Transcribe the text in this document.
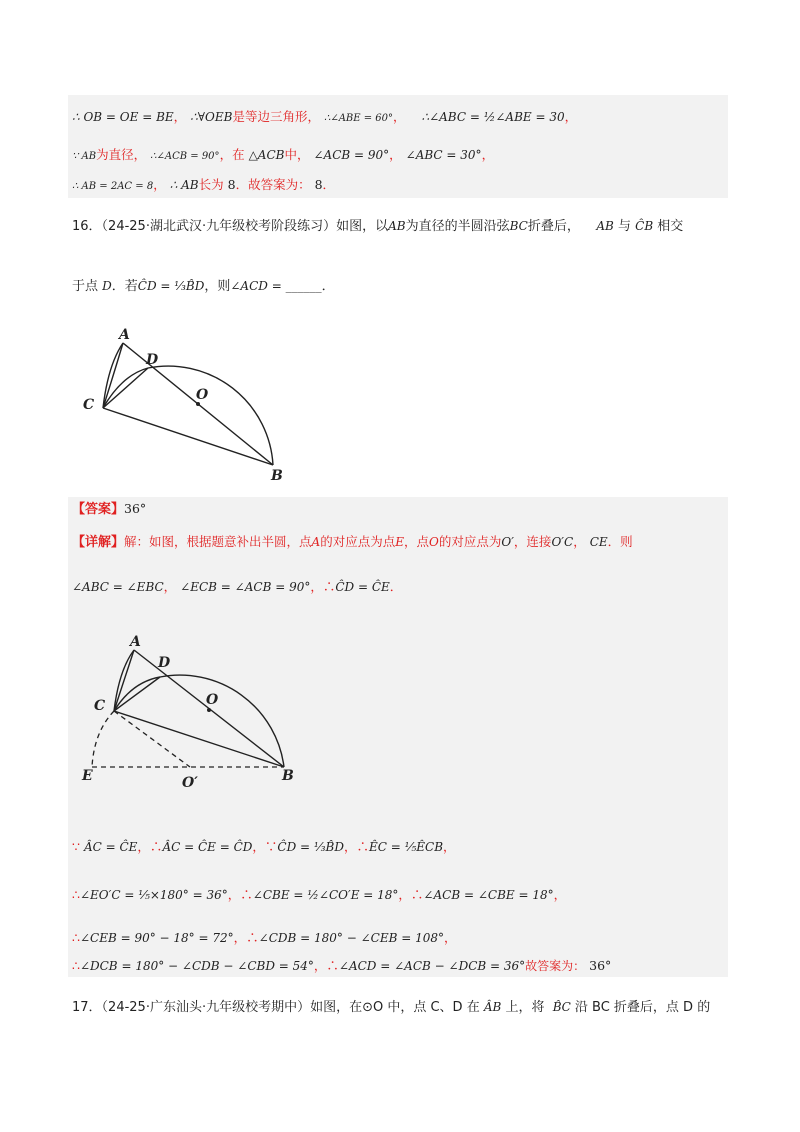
∴ OB = OE = BE， ∴∀OEB是等边三角形， ∴∠ABE = 60°， ∴∠ABC = ½∠ABE = 30，
∵ AB为直径， ∴∠ACB = 90°，在 △ACB中， ∠ACB = 90°， ∠ABC = 30°，
∴ AB = 2AC = 8， ∴ AB长为 8．故答案为： 8．
16．（24-25·湖北武汉·九年级校考阶段练习）如图，以AB为直径的半圆沿弦BC折叠后， AB 与 ĈB 相交
于点 D．若ĈD = ⅓B̂D，则∠ACD = ______．
A
D
C
O
B
【答案】36°
【详解】解：如图，根据题意补出半圆，点A的对应点为点E，点O的对应点为O′，连接O′C， CE．则
∠ABC = ∠EBC， ∠ECB = ∠ACB = 90°，∴ĈD = ĈE．
A
D
O
C
E	O′	B
∵ ÂC = ĈE，∴ÂC = ĈE = ĈD，∵ĈD = ⅓B̂D，∴ÊC = ⅕ÊCB，
∴∠EO′C = ⅕×180° = 36°，∴∠CBE = ½∠CO′E = 18°，∴∠ACB = ∠CBE = 18°，
∴∠CEB = 90° − 18° = 72°，∴∠CDB = 180° − ∠CEB = 108°，
∴∠DCB = 180° − ∠CDB − ∠CBD = 54°，∴∠ACD = ∠ACB − ∠DCB = 36°故答案为： 36°
17．（24-25·广东汕头·九年级校考期中）如图，在⊙O 中，点 C、D 在 ÂB 上，将 B̂C 沿 BC 折叠后，点 D 的
